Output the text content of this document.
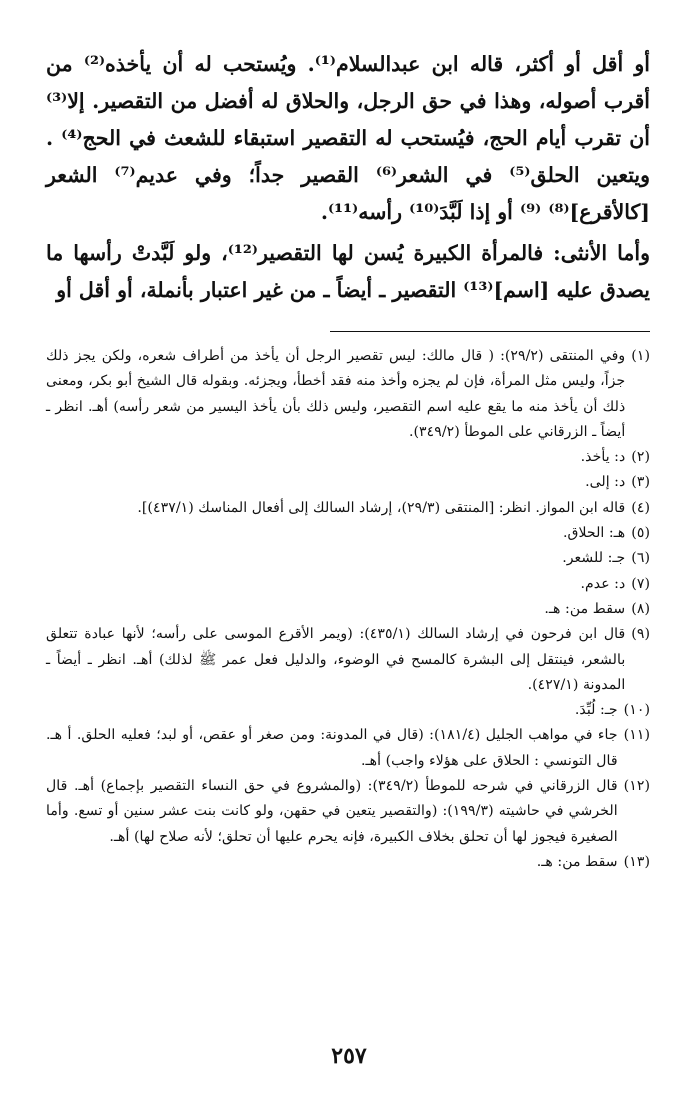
أو أقل أو أكثر، قاله ابن عبدالسلام⁽¹⁾. ويُستحب له أن يأخذه⁽²⁾ من أقرب أصوله، وهذا في حق الرجل، والحلاق له أفضل من التقصير. إلا⁽³⁾ أن تقرب أيام الحج، فيُستحب له التقصير استبقاء للشعث في الحج⁽⁴⁾ . ويتعين الحلق⁽⁵⁾ في الشعر⁽⁶⁾ القصير جداً؛ وفي عديم⁽⁷⁾ الشعر [كالأقرع]⁽⁸⁾ ⁽⁹⁾ أو إذا لَبَّدَ⁽¹⁰⁾ رأسه⁽¹¹⁾.

وأما الأنثى: فالمرأة الكبيرة يُسن لها التقصير⁽¹²⁾، ولو لَبَّدتْ رأسها ما يصدق عليه [اسم]⁽¹³⁾ التقصير ـ أيضاً ـ من غير اعتبار بأنملة، أو أقل أو

(١)
وفي المنتقى (٢٩/٢): ( قال مالك: ليس تقصير الرجل أن يأخذ من أطراف شعره، ولكن يجز ذلك جزاً، وليس مثل المرأة، فإن لم يجزه وأخذ منه فقد أخطأ، ويجزئه. وبقوله قال الشيخ أبو بكر، ومعنى ذلك أن يأخذ منه ما يقع عليه اسم التقصير، وليس ذلك بأن يأخذ اليسير من شعر رأسه) أهـ. انظر ـ أيضاً ـ الزرقاني على الموطأ (٣٤٩/٢).
(٢)
د: يأخذ.
(٣)
د: إلى.
(٤)
قاله ابن المواز. انظر: [المنتقى (٢٩/٣)، إرشاد السالك إلى أفعال المناسك (٤٣٧/١)].
(٥)
هـ: الحلاق.
(٦)
جـ: للشعر.
(٧)
د: عدم.
(٨)
سقط من: هـ.
(٩)
قال ابن فرحون في إرشاد السالك (٤٣٥/١): (ويمر الأقرع الموسى على رأسه؛ لأنها عبادة تتعلق بالشعر، فينتقل إلى البشرة كالمسح في الوضوء، والدليل فعل عمر ﷺ لذلك) أهـ. انظر ـ أيضاً ـ المدونة (٤٢٧/١).
(١٠)
جـ: لُبِّدَ.
(١١)
جاء في مواهب الجليل (١٨١/٤): (قال في المدونة: ومن صغر أو عقص، أو لبد؛ فعليه الحلق. أ هـ. قال التونسي : الحلاق على هؤلاء واجب) أهـ.
(١٢)
قال الزرقاني في شرحه للموطأ (٣٤٩/٢): (والمشروع في حق النساء التقصير بإجماع) أهـ. قال الخرشي في حاشيته (١٩٩/٣): (والتقصير يتعين في حقهن، ولو كانت بنت عشر سنين أو تسع. وأما الصغيرة فيجوز لها أن تحلق بخلاف الكبيرة، فإنه يحرم عليها أن تحلق؛ لأنه صلاح لها) أهـ.
(١٣)
سقط من: هـ.
٢٥٧
